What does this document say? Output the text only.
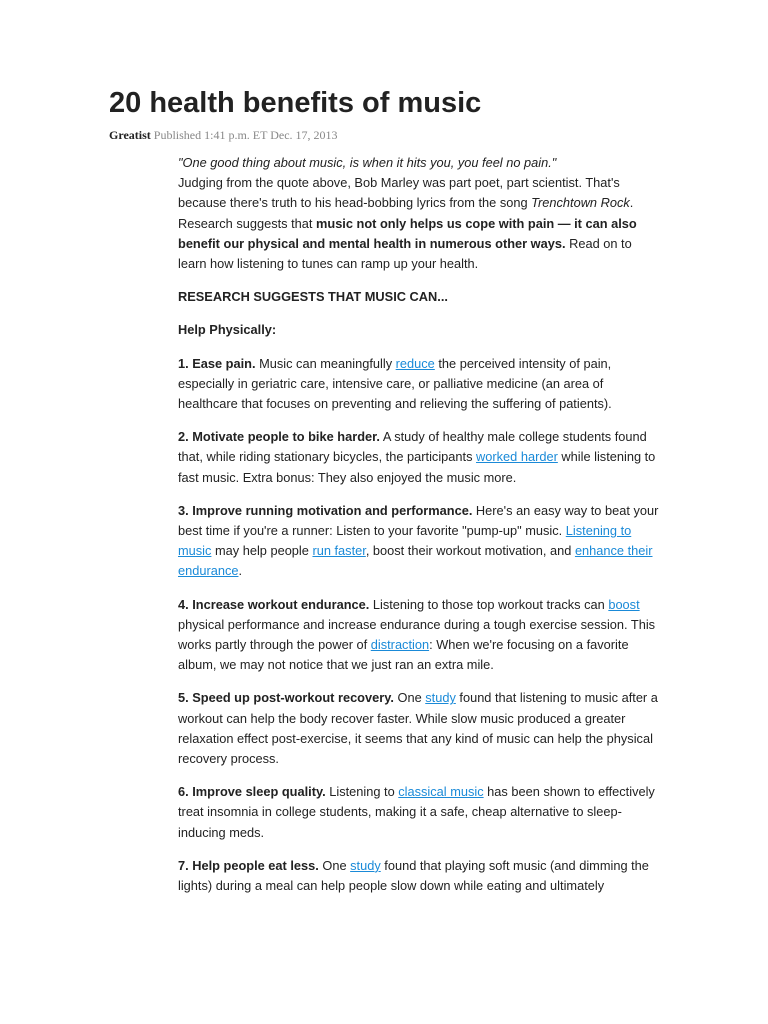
20 health benefits of music
Greatist Published 1:41 p.m. ET Dec. 17, 2013

"One good thing about music, is when it hits you, you feel no pain."

Judging from the quote above, Bob Marley was part poet, part scientist. That's because there's truth to his head-bobbing lyrics from the song Trenchtown Rock.

Research suggests that music not only helps us cope with pain — it can also benefit our physical and mental health in numerous other ways. Read on to learn how listening to tunes can ramp up your health.

RESEARCH SUGGESTS THAT MUSIC CAN...

Help Physically:

1. Ease pain. Music can meaningfully reduce the perceived intensity of pain, especially in geriatric care, intensive care, or palliative medicine (an area of healthcare that focuses on preventing and relieving the suffering of patients).

2. Motivate people to bike harder. A study of healthy male college students found that, while riding stationary bicycles, the participants worked harder while listening to fast music. Extra bonus: They also enjoyed the music more.

3. Improve running motivation and performance. Here's an easy way to beat your best time if you're a runner: Listen to your favorite "pump-up" music. Listening to music may help people run faster, boost their workout motivation, and enhance their endurance.

4. Increase workout endurance. Listening to those top workout tracks can boost physical performance and increase endurance during a tough exercise session. This works partly through the power of distraction: When we're focusing on a favorite album, we may not notice that we just ran an extra mile.

5. Speed up post-workout recovery. One study found that listening to music after a workout can help the body recover faster. While slow music produced a greater relaxation effect post-exercise, it seems that any kind of music can help the physical recovery process.

6. Improve sleep quality. Listening to classical music has been shown to effectively treat insomnia in college students, making it a safe, cheap alternative to sleep-inducing meds.

7. Help people eat less. One study found that playing soft music (and dimming the lights) during a meal can help people slow down while eating and ultimately
